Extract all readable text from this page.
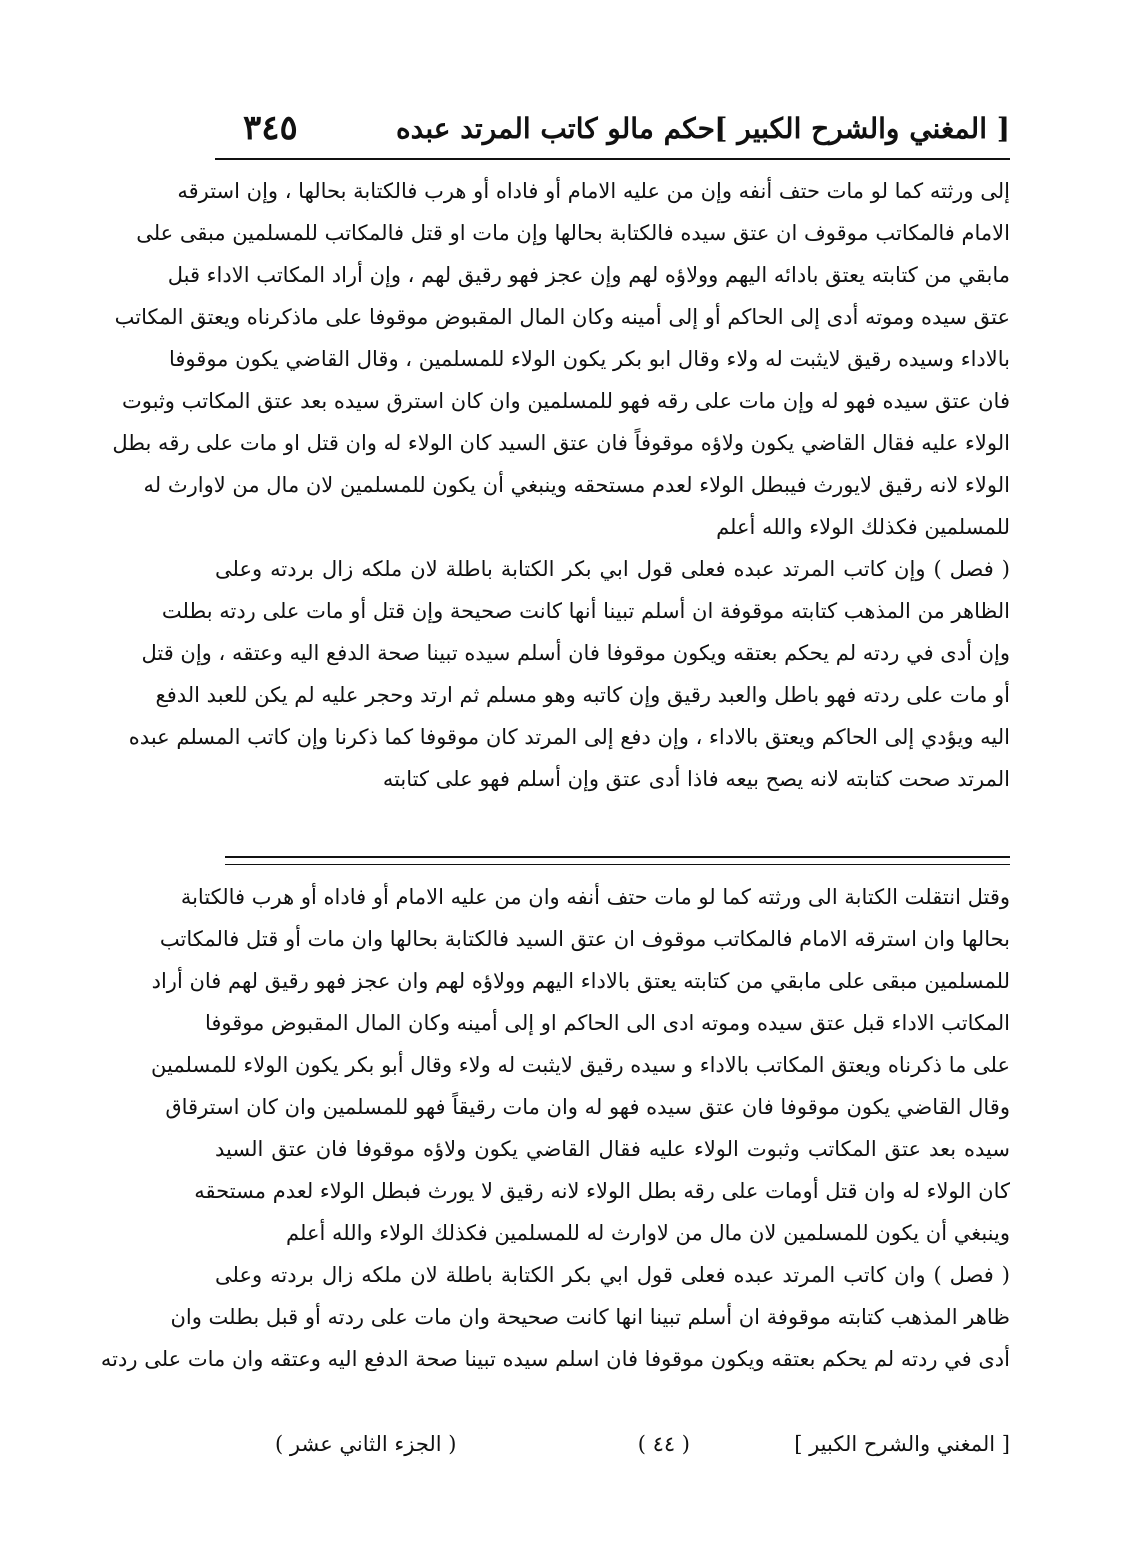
[ المغني والشرح الكبير ]
حكم مالو كاتب المرتد عبده
٣٤٥
إلى ورثته كما لو مات حتف أنفه وإن من عليه الامام أو فاداه أو هرب فالكتابة بحالها ، وإن استرقه
الامام فالمكاتب موقوف ان عتق سيده فالكتابة بحالها وإن مات او قتل فالمكاتب للمسلمين مبقى على
مابقي من كتابته يعتق بادائه اليهم وولاؤه لهم وإن عجز فهو رقيق لهم ، وإن أراد المكاتب الاداء قبل
عتق سيده وموته أدى إلى الحاكم أو إلى أمينه وكان المال المقبوض موقوفا على ماذكرناه ويعتق المكاتب
بالاداء وسيده رقيق لايثبت له ولاء وقال ابو بكر يكون الولاء للمسلمين ، وقال القاضي يكون موقوفا
فان عتق سيده فهو له وإن مات على رقه فهو للمسلمين وان كان استرق سيده بعد عتق المكاتب وثبوت
الولاء عليه فقال القاضي يكون ولاؤه موقوفاً فان عتق السيد كان الولاء له وان قتل او مات على رقه بطل
الولاء لانه رقيق لايورث فيبطل الولاء لعدم مستحقه وينبغي أن يكون للمسلمين لان مال من لاوارث له
للمسلمين فكذلك الولاء والله أعلم
( فصل ) وإن كاتب المرتد عبده فعلى قول ابي بكر الكتابة باطلة لان ملكه زال بردته وعلى
الظاهر من المذهب كتابته موقوفة ان أسلم تبينا أنها كانت صحيحة وإن قتل أو مات على ردته بطلت
وإن أدى في ردته لم يحكم بعتقه ويكون موقوفا فان أسلم سيده تبينا صحة الدفع اليه وعتقه ، وإن قتل
أو مات على ردته فهو باطل والعبد رقيق وإن كاتبه وهو مسلم ثم ارتد وحجر عليه لم يكن للعبد الدفع
اليه ويؤدي إلى الحاكم ويعتق بالاداء ، وإن دفع إلى المرتد كان موقوفا كما ذكرنا وإن كاتب المسلم عبده
المرتد صحت كتابته لانه يصح بيعه فاذا أدى عتق وإن أسلم فهو على كتابته
وقتل انتقلت الكتابة الى ورثته كما لو مات حتف أنفه وان من عليه الامام أو فاداه أو هرب فالكتابة
بحالها وان استرقه الامام فالمكاتب موقوف ان عتق السيد فالكتابة بحالها وان مات أو قتل فالمكاتب
للمسلمين مبقى على مابقي من كتابته يعتق بالاداء اليهم وولاؤه لهم وان عجز فهو رقيق لهم فان أراد
المكاتب الاداء قبل عتق سيده وموته ادى الى الحاكم او إلى أمينه وكان المال المقبوض موقوفا
على ما ذكرناه ويعتق المكاتب بالاداء و سيده رقيق لايثبت له ولاء وقال أبو بكر يكون الولاء للمسلمين
وقال القاضي يكون موقوفا فان عتق سيده فهو له وان مات رقيقاً فهو للمسلمين وان كان استرقاق
سيده بعد عتق المكاتب وثبوت الولاء عليه فقال القاضي يكون ولاؤه موقوفا فان عتق السيد
كان الولاء له وان قتل أومات على رقه بطل الولاء لانه رقيق لا يورث فبطل الولاء لعدم مستحقه
وينبغي أن يكون للمسلمين لان مال من لاوارث له للمسلمين فكذلك الولاء والله أعلم
( فصل ) وان كاتب المرتد عبده فعلى قول ابي بكر الكتابة باطلة لان ملكه زال بردته وعلى
ظاهر المذهب كتابته موقوفة ان أسلم تبينا انها كانت صحيحة وان مات على ردته أو قبل بطلت وان
أدى في ردته لم يحكم بعتقه ويكون موقوفا فان اسلم سيده تبينا صحة الدفع اليه وعتقه وان مات على ردته
[ المغني والشرح الكبير ]
( ٤٤ )
( الجزء الثاني عشر )
